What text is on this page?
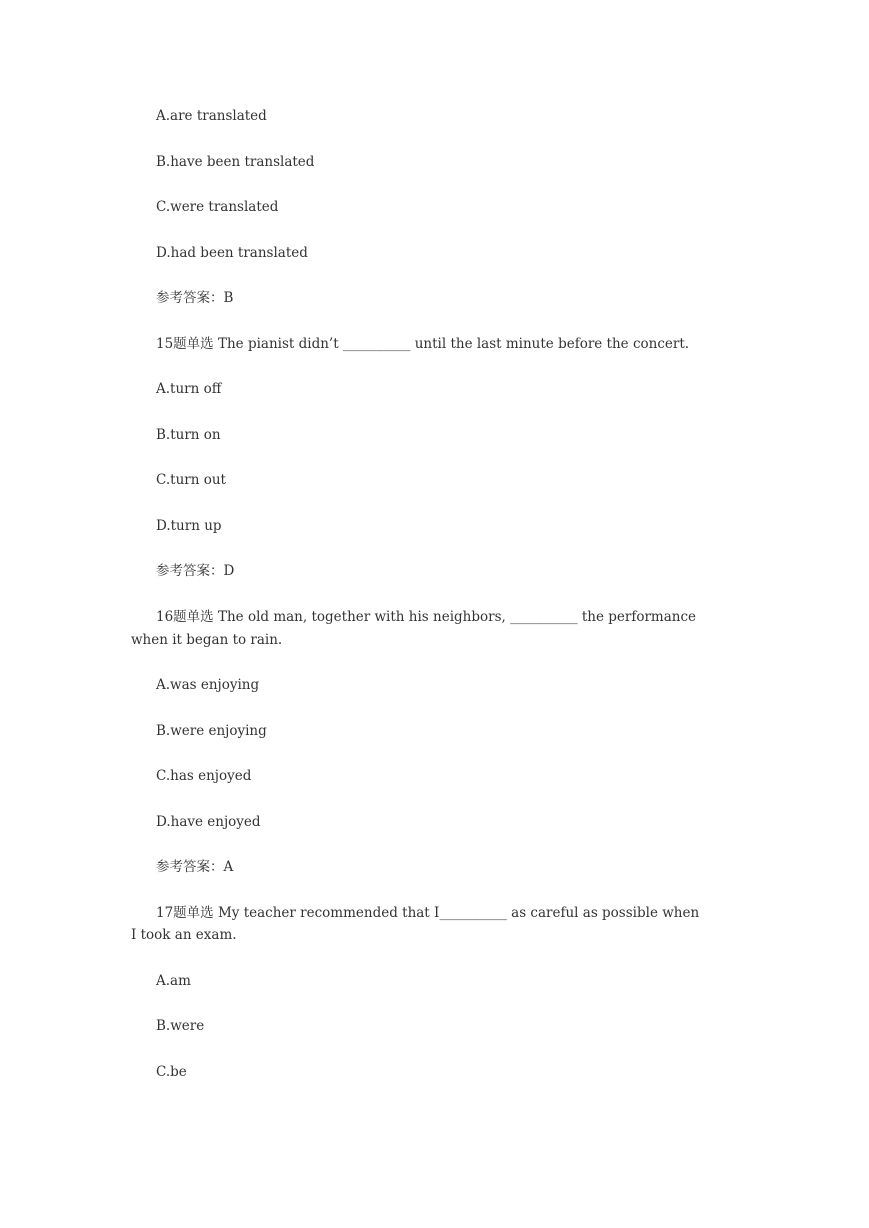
A.are translated
B.have been translated
C.were translated
D.had been translated
参考答案：B
15题单选 The pianist didn’t __________ until the last minute before the concert.
A.turn off
B.turn on
C.turn out
D.turn up
参考答案：D
16题单选 The old man, together with his neighbors, __________ the performance
when it began to rain.
A.was enjoying
B.were enjoying
C.has enjoyed
D.have enjoyed
参考答案：A
17题单选 My teacher recommended that I__________ as careful as possible when
I took an exam.
A.am
B.were
C.be
